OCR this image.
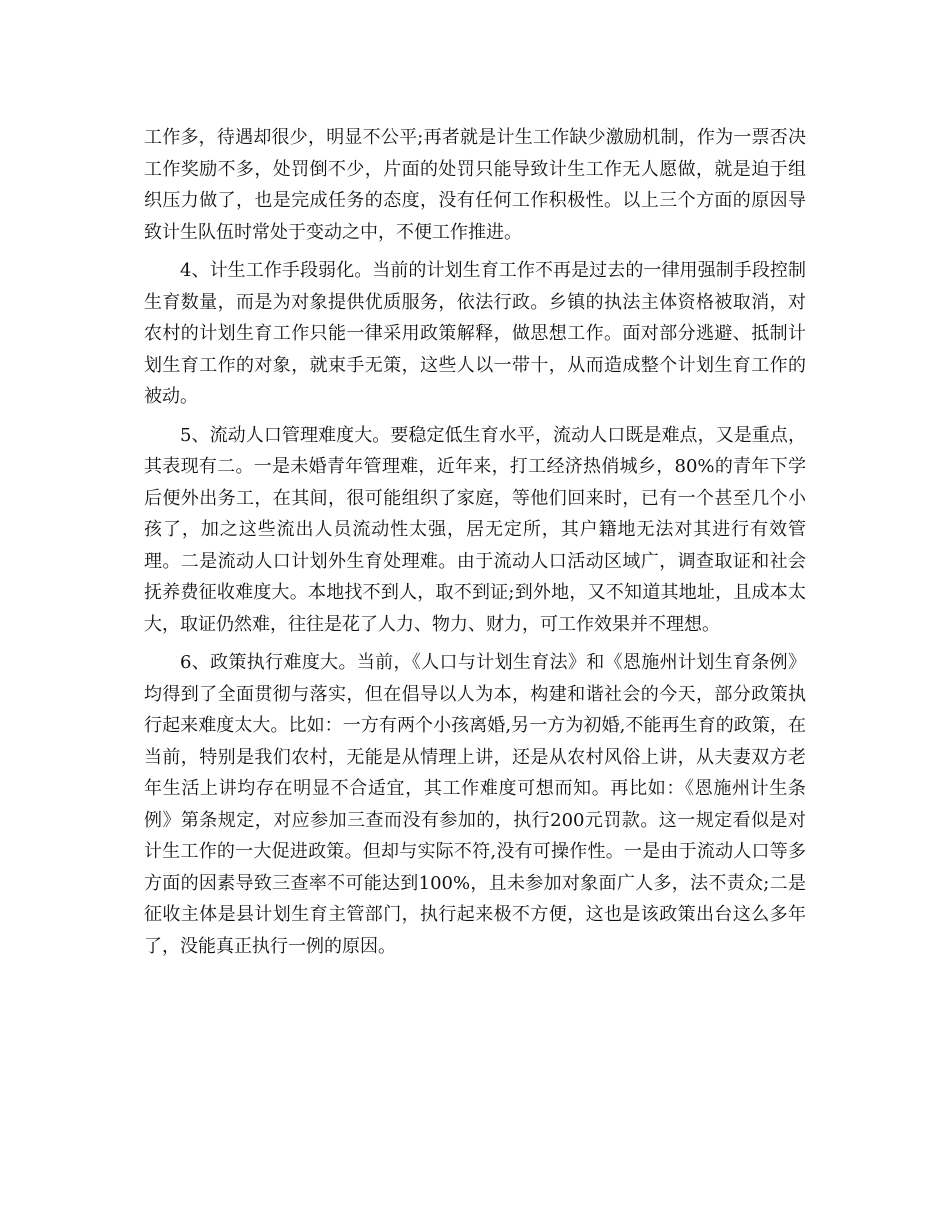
工作多，待遇却很少，明显不公平;再者就是计生工作缺少激励机制，作为一票否决工作奖励不多，处罚倒不少，片面的处罚只能导致计生工作无人愿做，就是迫于组织压力做了，也是完成任务的态度，没有任何工作积极性。以上三个方面的原因导致计生队伍时常处于变动之中，不便工作推进。

4、计生工作手段弱化。当前的计划生育工作不再是过去的一律用强制手段控制生育数量，而是为对象提供优质服务，依法行政。乡镇的执法主体资格被取消，对农村的计划生育工作只能一律采用政策解释，做思想工作。面对部分逃避、抵制计划生育工作的对象，就束手无策，这些人以一带十，从而造成整个计划生育工作的被动。

5、流动人口管理难度大。要稳定低生育水平，流动人口既是难点，又是重点，其表现有二。一是未婚青年管理难，近年来，打工经济热俏城乡，80%的青年下学后便外出务工，在其间，很可能组织了家庭，等他们回来时，已有一个甚至几个小孩了，加之这些流出人员流动性太强，居无定所，其户籍地无法对其进行有效管理。二是流动人口计划外生育处理难。由于流动人口活动区域广，调查取证和社会抚养费征收难度大。本地找不到人，取不到证;到外地，又不知道其地址，且成本太大，取证仍然难，往往是花了人力、物力、财力，可工作效果并不理想。

6、政策执行难度大。当前，《人口与计划生育法》和《恩施州计划生育条例》均得到了全面贯彻与落实，但在倡导以人为本，构建和谐社会的今天，部分政策执行起来难度太大。比如：一方有两个小孩离婚,另一方为初婚,不能再生育的政策，在当前，特别是我们农村，无能是从情理上讲，还是从农村风俗上讲，从夫妻双方老年生活上讲均存在明显不合适宜，其工作难度可想而知。再比如：《恩施州计生条例》第条规定，对应参加三查而没有参加的，执行200元罚款。这一规定看似是对计生工作的一大促进政策。但却与实际不符,没有可操作性。一是由于流动人口等多方面的因素导致三查率不可能达到100%，且未参加对象面广人多，法不责众;二是征收主体是县计划生育主管部门，执行起来极不方便，这也是该政策出台这么多年了，没能真正执行一例的原因。
